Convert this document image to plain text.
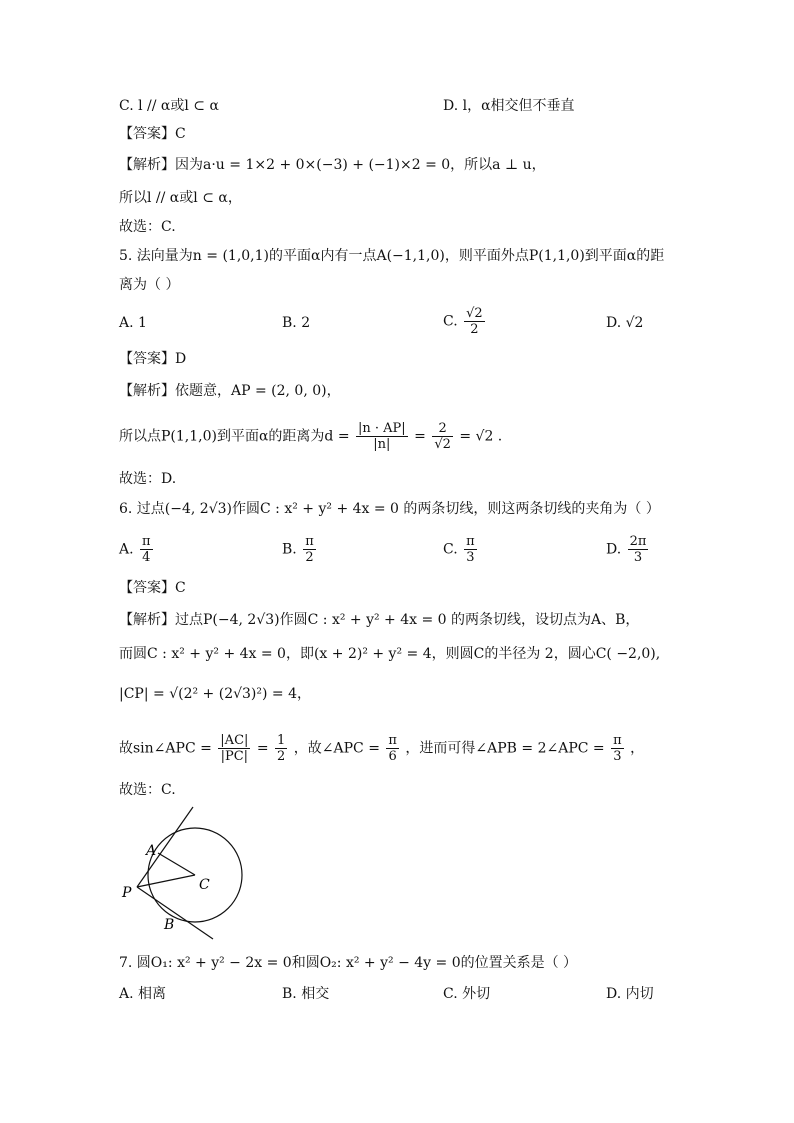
C. l // α或l ⊂ α	D. l，α相交但不垂直
【答案】C
【解析】因为a·u = 1×2 + 0×(−3) + (−1)×2 = 0，所以a ⊥ u，
所以l // α或l ⊂ α，
故选：C.
5. 法向量为n = (1,0,1)的平面α内有一点A(−1,1,0)，则平面外点P(1,1,0)到平面α的距
离为（ ）
A. 1	B. 2	C. $\frac{√2}{2}$	D. √2
【答案】D
【解析】依题意，AP = (2, 0, 0)，
所以点P(1,1,0)到平面α的距离为$d = \frac{|n \cdot AP|}{|n|} = \frac{2}{√2} = √2$ .
故选：D.
6. 过点(−4, 2√3)作圆C : x² + y² + 4x = 0 的两条切线，则这两条切线的夹角为（ ）
A. $\frac{\pi}{4}$	B. $\frac{\pi}{2}$	C. $\frac{\pi}{3}$	D. $\frac{2\pi}{3}$
【答案】C
【解析】过点P(−4, 2√3)作圆C : x² + y² + 4x = 0 的两条切线，设切点为A、B，
而圆C : x² + y² + 4x = 0，即(x + 2)² + y² = 4，则圆C的半径为 2，圆心C( −2,0),
|CP| = √(2² + (2√3)²) = 4，
故sin∠APC = $\frac{|AC|}{|PC|} = \frac{1}{2}$ ，故∠APC = $\frac{\pi}{6}$ ，进而可得∠APB = 2∠APC = $\frac{\pi}{3}$ ，
故选：C.
A
C
P
B
7. 圆O₁: x² + y² − 2x = 0和圆O₂: x² + y² − 4y = 0的位置关系是（ ）
A. 相离	B. 相交	C. 外切	D. 内切
